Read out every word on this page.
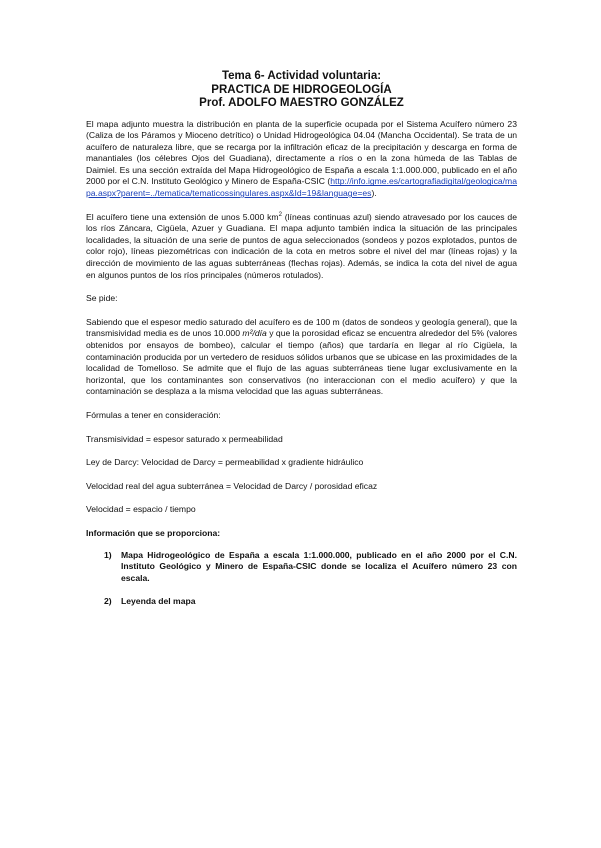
Tema 6- Actividad voluntaria:
PRACTICA DE HIDROGEOLOGÍA
Prof. ADOLFO MAESTRO GONZÁLEZ

El mapa adjunto muestra la distribución en planta de la superficie ocupada por el Sistema Acuífero número 23 (Caliza de los Páramos y Mioceno detrítico) o Unidad Hidrogeológica 04.04 (Mancha Occidental). Se trata de un acuífero de naturaleza libre, que se recarga por la infiltración eficaz de la precipitación y descarga en forma de manantiales (los célebres Ojos del Guadiana), directamente a ríos o en la zona húmeda de las Tablas de Daimiel. Es una sección extraída del Mapa Hidrogeológico de España a escala 1:1.000.000, publicado en el año 2000 por el C.N. Instituto Geológico y Minero de España-CSIC (http://info.igme.es/cartografiadigital/geologica/mapa.aspx?parent=../tematica/tematicossingulares.aspx&Id=19&language=es).

El acuífero tiene una extensión de unos 5.000 $km^2$ (líneas continuas azul) siendo atravesado por los cauces de los ríos Záncara, Cigüela, Azuer y Guadiana. El mapa adjunto también indica la situación de las principales localidades, la situación de una serie de puntos de agua seleccionados (sondeos y pozos explotados, puntos de color rojo), líneas piezométricas con indicación de la cota en metros sobre el nivel del mar (líneas rojas) y la dirección de movimiento de las aguas subterráneas (flechas rojas). Además, se indica la cota del nivel de agua en algunos puntos de los ríos principales (números rotulados).

Se pide:

Sabiendo que el espesor medio saturado del acuífero es de 100 m (datos de sondeos y geología general), que la transmisividad media es de unos 10.000 m²/día y que la porosidad eficaz se encuentra alrededor del 5% (valores obtenidos por ensayos de bombeo), calcular el tiempo (años) que tardaría en llegar al río Cigüela, la contaminación producida por un vertedero de residuos sólidos urbanos que se ubicase en las proximidades de la localidad de Tomelloso. Se admite que el flujo de las aguas subterráneas tiene lugar exclusivamente en la horizontal, que los contaminantes son conservativos (no interaccionan con el medio acuífero) y que la contaminación se desplaza a la misma velocidad que las aguas subterráneas.

Fórmulas a tener en consideración:

Transmisividad = espesor saturado x permeabilidad

Ley de Darcy: Velocidad de Darcy = permeabilidad x gradiente hidráulico

Velocidad real del agua subterránea = Velocidad de Darcy / porosidad eficaz

Velocidad = espacio / tiempo

Información que se proporciona:

1) Mapa Hidrogeológico de España a escala 1:1.000.000, publicado en el año 2000 por el C.N. Instituto Geológico y Minero de España-CSIC donde se localiza el Acuífero número 23 con escala.
2) Leyenda del mapa
